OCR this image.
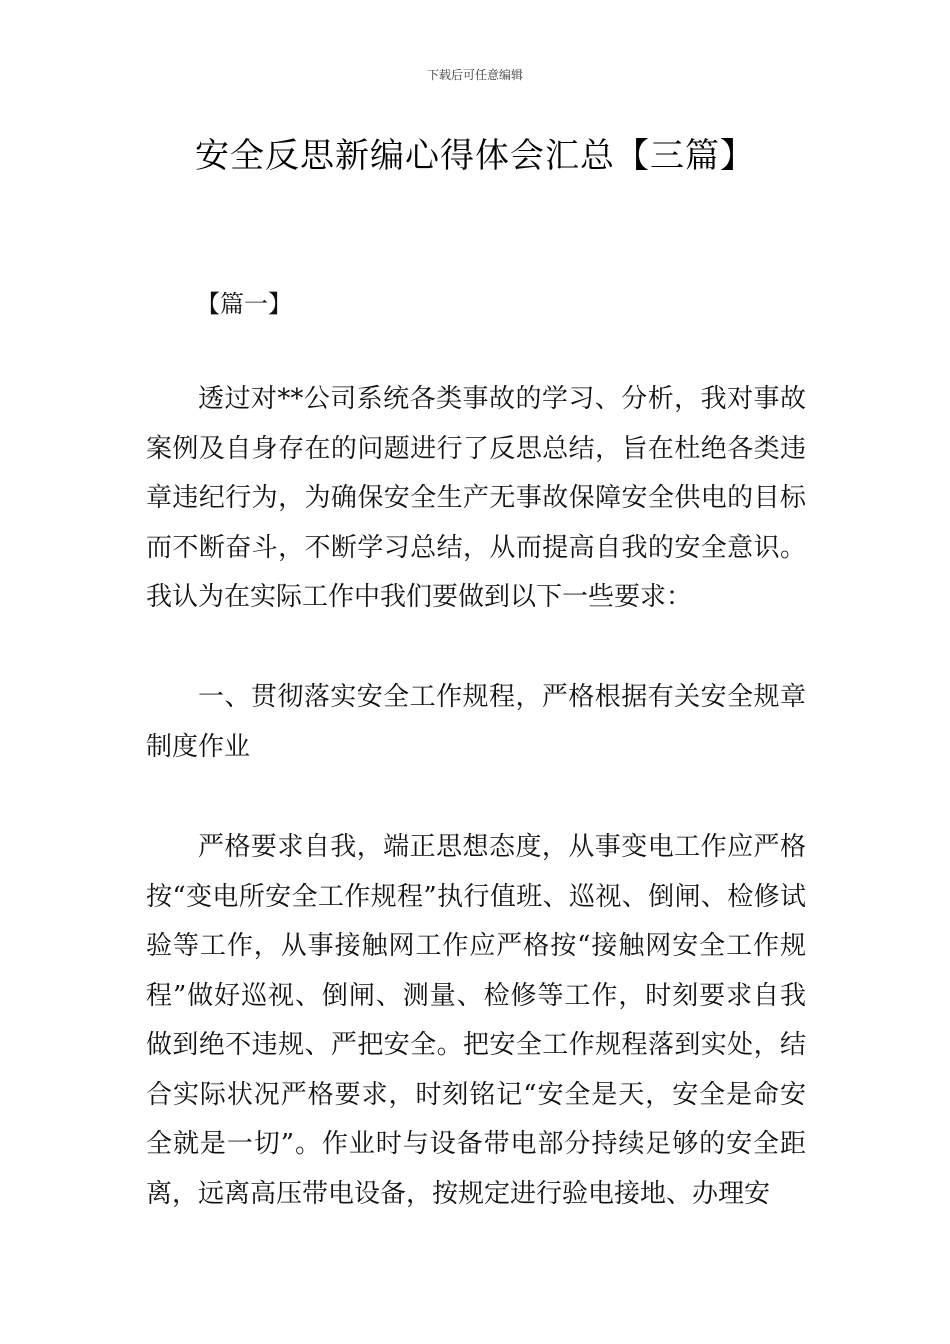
下载后可任意编辑
安全反思新编心得体会汇总【三篇】
【篇一】

透过对**公司系统各类事故的学习、分析，我对事故案例及自身存在的问题进行了反思总结，旨在杜绝各类违章违纪行为，为确保安全生产无事故保障安全供电的目标而不断奋斗，不断学习总结，从而提高自我的安全意识。我认为在实际工作中我们要做到以下一些要求：

一、贯彻落实安全工作规程，严格根据有关安全规章制度作业

严格要求自我，端正思想态度，从事变电工作应严格按“变电所安全工作规程”执行值班、巡视、倒闸、检修试验等工作，从事接触网工作应严格按“接触网安全工作规程”做好巡视、倒闸、测量、检修等工作，时刻要求自我做到绝不违规、严把安全。把安全工作规程落到实处，结合实际状况严格要求，时刻铭记“安全是天，安全是命安全就是一切”。作业时与设备带电部分持续足够的安全距离，远离高压带电设备，按规定进行验电接地、办理安
